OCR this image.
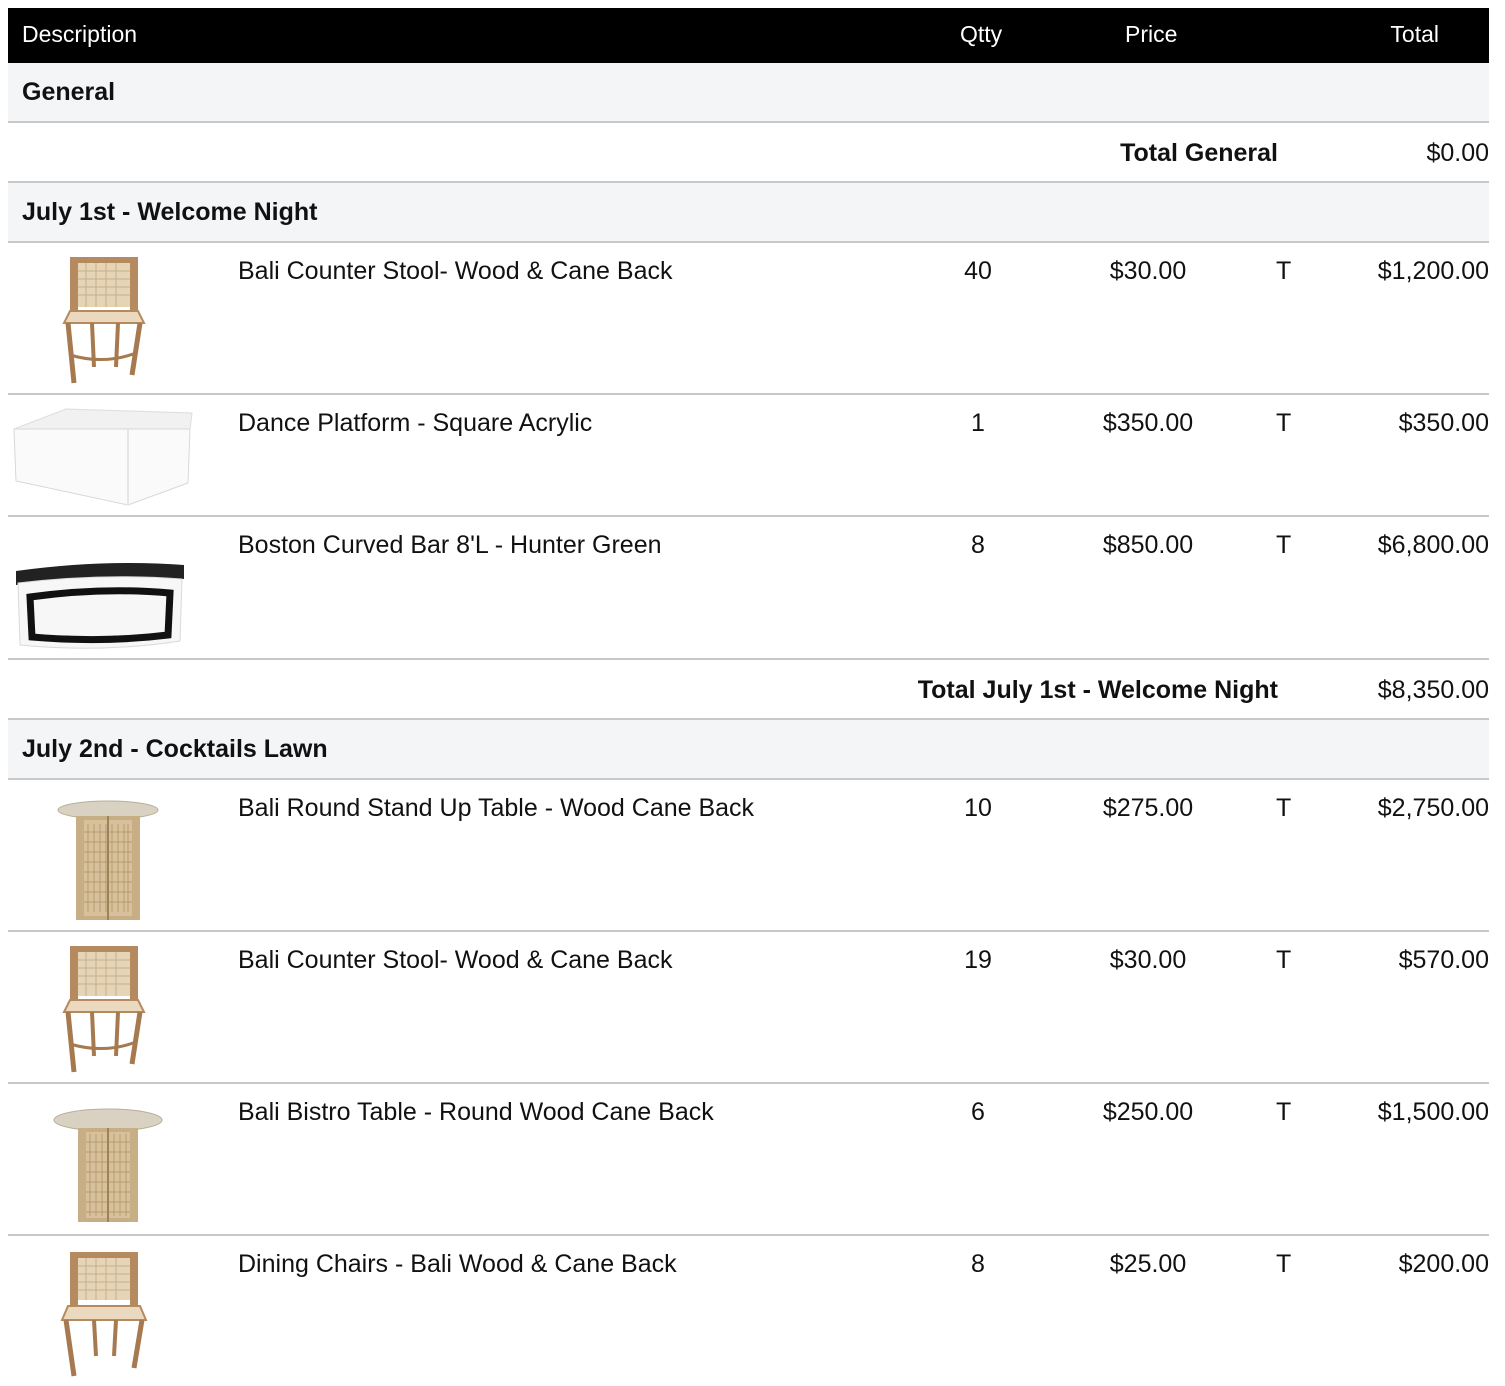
Description	Qtty	Price	Total
General
Total General	$0.00
July 1st - Welcome Night
Bali Counter Stool- Wood & Cane Back	40	$30.00	T	$1,200.00
Dance Platform - Square Acrylic	1	$350.00	T	$350.00
Boston Curved Bar 8'L - Hunter Green	8	$850.00	T	$6,800.00
Total July 1st - Welcome Night	$8,350.00
July 2nd - Cocktails Lawn
Bali Round Stand Up Table - Wood Cane Back	10	$275.00	T	$2,750.00
Bali Counter Stool- Wood & Cane Back	19	$30.00	T	$570.00
Bali Bistro Table - Round Wood Cane Back	6	$250.00	T	$1,500.00
Dining Chairs - Bali Wood & Cane Back	8	$25.00	T	$200.00
